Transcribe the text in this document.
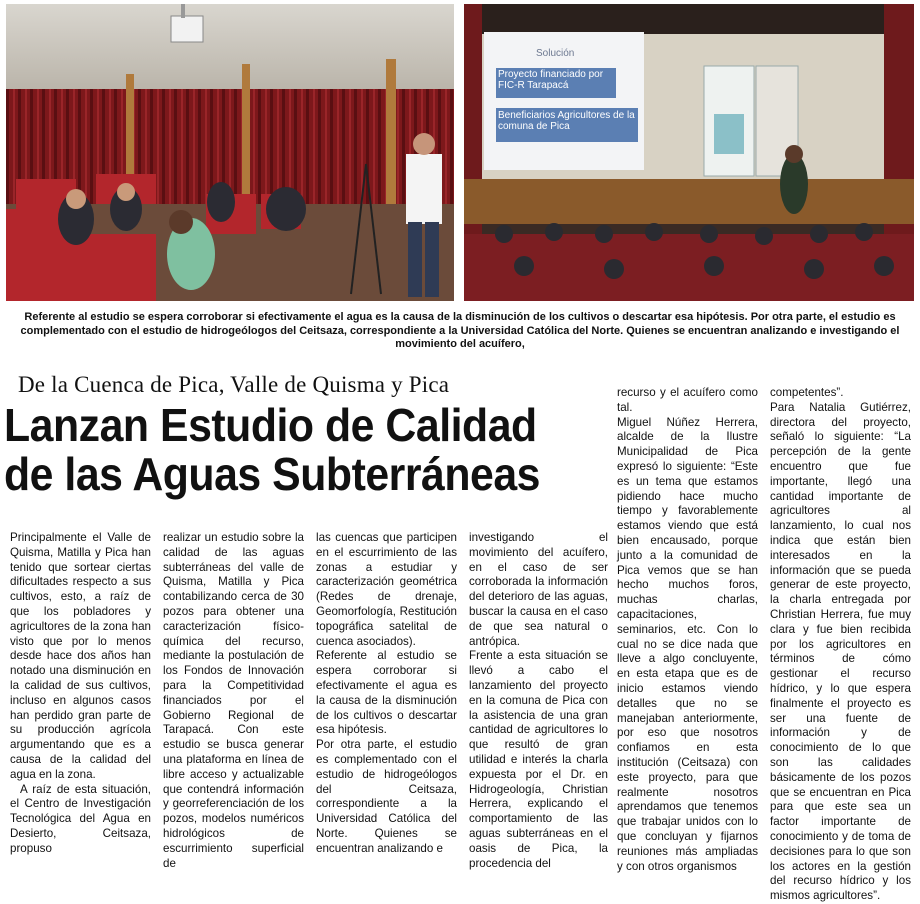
Solución
Proyecto financiado por FIC-R Tarapacá
Beneficiarios Agricultores de la comuna de Pica

Referente al estudio se espera corroborar si efectivamente el agua es la causa de la disminución de los cultivos o descartar esa hipótesis. Por otra parte, el estudio es complementado con el estudio de hidrogeólogos del Ceitsaza, correspondiente a la Universidad Católica del Norte. Quienes se encuentran analizando e investigando el movimiento del acuífero,

De la Cuenca de Pica, Valle de Quisma y Pica
Lanzan Estudio de Calidad de las Aguas Subterráneas

Principalmente el Valle de Quisma, Matilla y Pica han tenido que sortear ciertas dificultades respecto a sus cultivos, esto, a raíz de que los pobladores y agricultores de la zona han visto que por lo menos desde hace dos años han notado una disminución en la calidad de sus cultivos, incluso en algunos casos han perdido gran parte de su producción agrícola argumentando que es a causa de la calidad del agua en la zona.

A raíz de esta situación, el Centro de Investigación Tecnológica del Agua en Desierto, Ceitsaza, propuso

realizar un estudio sobre la calidad de las aguas subterráneas del valle de Quisma, Matilla y Pica contabilizando cerca de 30 pozos para obtener una caracterización físico- química del recurso, mediante la postulación de los Fondos de Innovación para la Competitividad financiados por el Gobierno Regional de Tarapacá. Con este estudio se busca generar una plataforma en línea de libre acceso y actualizable que contendrá información y georreferenciación de los pozos, modelos numéricos hidrológicos de escurrimiento superficial de

las cuencas que participen en el escurrimiento de las zonas a estudiar y caracterización geométrica (Redes de drenaje, Geomorfología, Restitución topográfica satelital de cuenca asociados).

Referente al estudio se espera corroborar si efectivamente el agua es la causa de la disminución de los cultivos o descartar esa hipótesis.

Por otra parte, el estudio es complementado con el estudio de hidrogeólogos del Ceitsaza, correspondiente a la Universidad Católica del Norte. Quienes se encuentran analizando e

investigando el movimiento del acuífero, en el caso de ser corroborada la información del deterioro de las aguas, buscar la causa en el caso de que sea natural o antrópica.

Frente a esta situación se llevó a cabo el lanzamiento del proyecto en la comuna de Pica con la asistencia de una gran cantidad de agricultores lo que resultó de gran utilidad e interés la charla expuesta por el Dr. en Hidrogeología, Christian Herrera, explicando el comportamiento de las aguas subterráneas en el oasis de Pica, la procedencia del

recurso y el acuífero como tal.

Miguel Núñez Herrera, alcalde de la Ilustre Municipalidad de Pica expresó lo siguiente: “Este es un tema que estamos pidiendo hace mucho tiempo y favorablemente estamos viendo que está bien encausado, porque junto a la comunidad de Pica vemos que se han hecho muchos foros, muchas charlas, capacitaciones, seminarios, etc. Con lo cual no se dice nada que lleve a algo concluyente, en esta etapa que es de inicio estamos viendo detalles que no se manejaban anteriormente, por eso que nosotros confiamos en esta institución (Ceitsaza) con este proyecto, para que realmente nosotros aprendamos que tenemos que trabajar unidos con lo que concluyan y fijarnos reuniones más ampliadas y con otros organismos

competentes”.

Para Natalia Gutiérrez, directora del proyecto, señaló lo siguiente: “La percepción de la gente encuentro que fue importante, llegó una cantidad importante de agricultores al lanzamiento, lo cual nos indica que están bien interesados en la información que se pueda generar de este proyecto, la charla entregada por Christian Herrera, fue muy clara y fue bien recibida por los agricultores en términos de cómo gestionar el recurso hídrico, y lo que espera finalmente el proyecto es ser una fuente de información y de conocimiento de lo que son las calidades básicamente de los pozos que se encuentran en Pica para que este sea un factor importante de conocimiento y de toma de decisiones para lo que son los actores en la gestión del recurso hídrico y los mismos agricultores”.
